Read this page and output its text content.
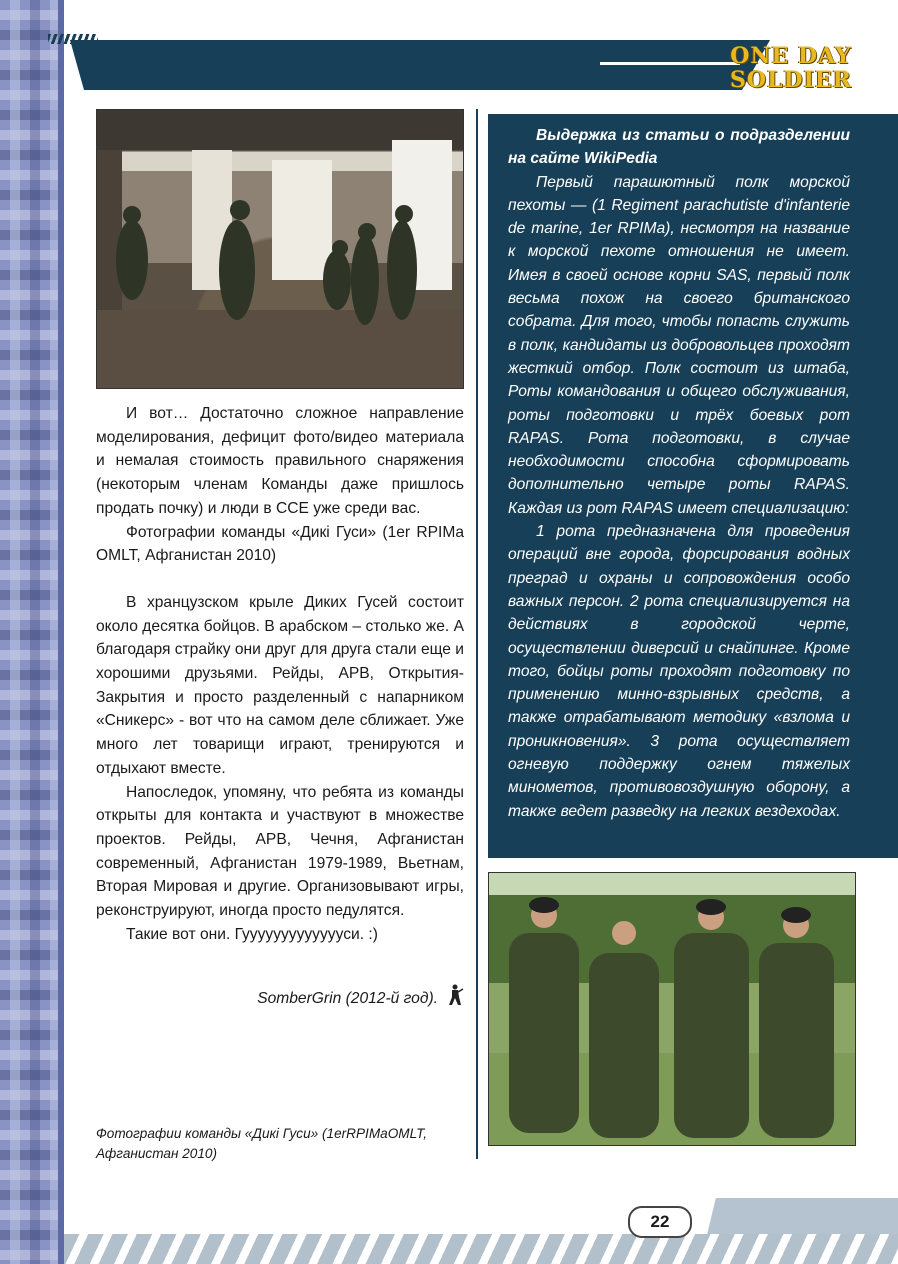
ONE DAY
SOLDIER

И вот… Достаточно сложное направление моделирования, дефицит фото/видео материала и немалая стоимость правильного снаряжения (некоторым членам Команды даже пришлось продать почку) и люди в ССЕ уже среди вас.

Фотографии команды «Дикі Гуси» (1er RPIMa OMLT, Афганистан 2010)

В хранцузском крыле Диких Гусей состоит около десятка бойцов. В арабском – столько же. А благодаря страйку они друг для друга стали еще и хорошими друзьями. Рейды, АРВ, Открытия-Закрытия и просто разделенный с напарником «Сникерс» - вот что на самом деле сближает. Уже много лет товарищи играют, тренируются и отдыхают вместе.

Напоследок, упомяну, что ребята из команды открыты для контакта и участвуют в множестве проектов. Рейды, АРВ, Чечня, Афганистан современный, Афганистан 1979-1989, Вьетнам, Вторая Мировая и другие. Организовывают игры, реконструируют, иногда просто педулятся.

Такие вот они. Гуууууууууууууси. :)

SomberGrin (2012-й год).
Фотографии команды «Дикі Гуси» (1erRPIMaOMLT, Афганистан 2010)

Выдержка из статьи о подразделении на сайте WikiPedia

Первый парашютный полк морской пехоты — (1 Regiment parachutiste d'infanterie de marine, 1er RPIMa), несмотря на название к морской пехоте отношения не имеет. Имея в своей основе корни SAS, первый полк весьма похож на своего британского собрата. Для того, чтобы попасть служить в полк, кандидаты из добровольцев проходят жесткий отбор. Полк состоит из штаба, Роты командования и общего обслуживания, роты подготовки и трёх боевых рот RAPAS. Рота подготовки, в случае необходимости способна сформировать дополнительно четыре роты RAPAS. Каждая из рот RAPAS имеет специализацию:

1 рота предназначена для проведения операций вне города, форсирования водных преград и охраны и сопровождения особо важных персон. 2 рота специализируется на действиях в городской черте, осуществлении диверсий и снайпинге. Кроме того, бойцы роты проходят подготовку по применению минно-взрывных средств, а также отрабатывают методику «взлома и проникновения». 3 рота осуществляет огневую поддержку огнем тяжелых минометов, противовоздушную оборону, а также ведет разведку на легких вездеходах.

22
